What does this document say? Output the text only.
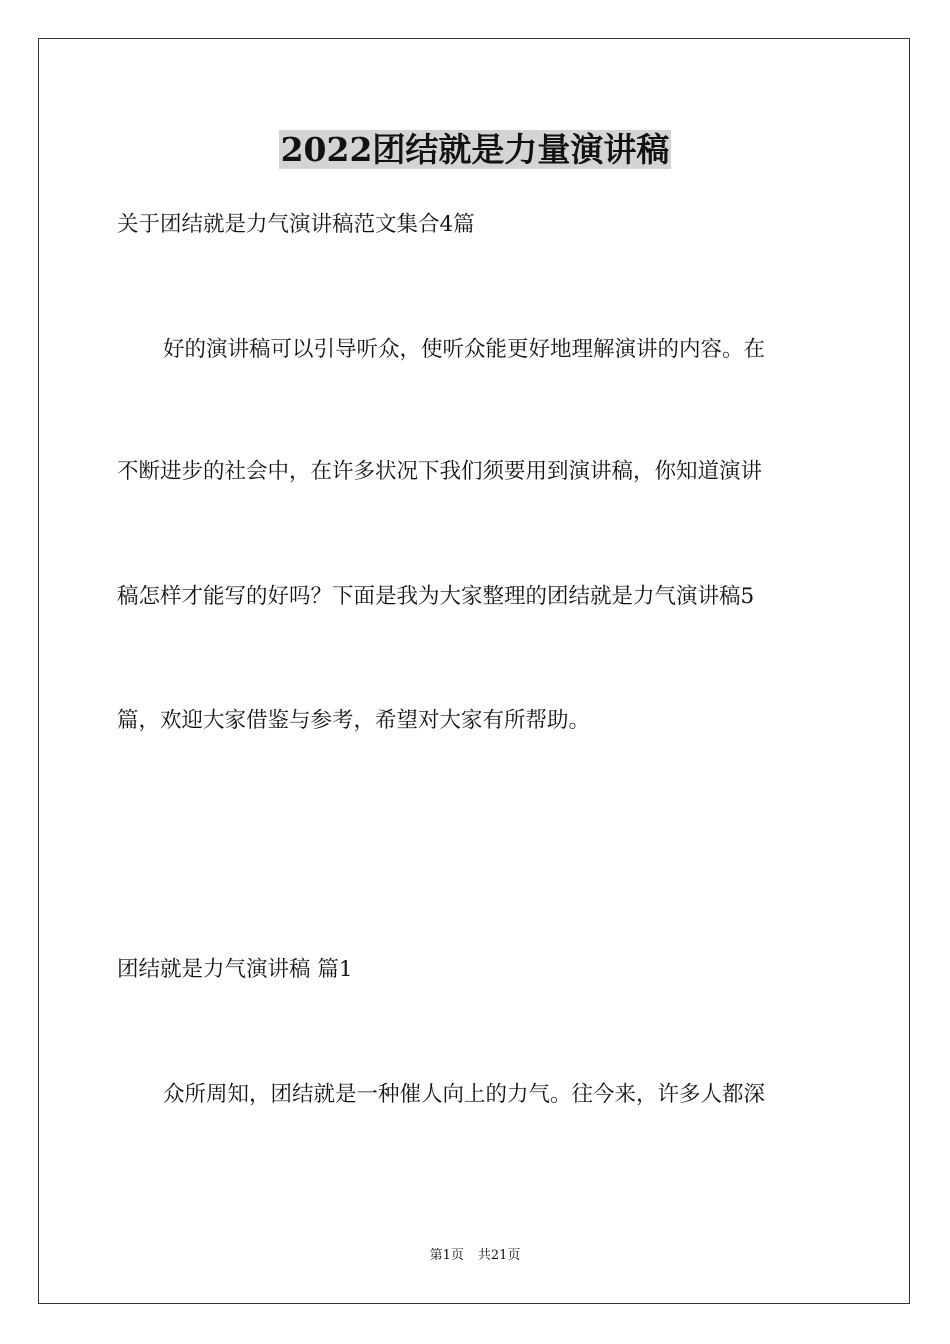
2022团结就是力量演讲稿
关于团结就是力气演讲稿范文集合4篇
好的演讲稿可以引导听众，使听众能更好地理解演讲的内容。在
不断进步的社会中，在许多状况下我们须要用到演讲稿，你知道演讲
稿怎样才能写的好吗？下面是我为大家整理的团结就是力气演讲稿5
篇，欢迎大家借鉴与参考，希望对大家有所帮助。
团结就是力气演讲稿 篇1
众所周知，团结就是一种催人向上的力气。往今来，许多人都深
第1页 共21页
